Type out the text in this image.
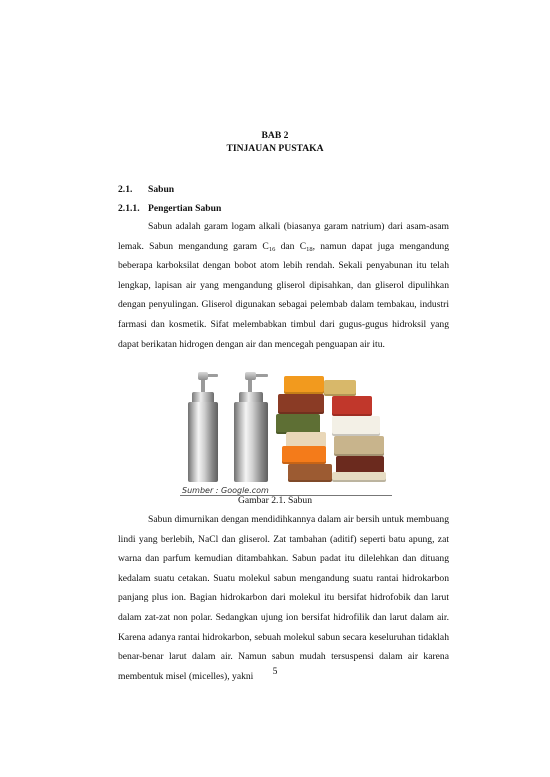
BAB 2
TINJAUAN PUSTAKA
2.1. Sabun
2.1.1. Pengertian Sabun

Sabun adalah garam logam alkali (biasanya garam natrium) dari asam-asam lemak. Sabun mengandung garam $C_{16}$ dan $C_{18}$, namun dapat juga mengandung beberapa karboksilat dengan bobot atom lebih rendah. Sekali penyabunan itu telah lengkap, lapisan air yang mengandung gliserol dipisahkan, dan gliserol dipulihkan dengan penyulingan. Gliserol digunakan sebagai pelembab dalam tembakau, industri farmasi dan kosmetik. Sifat melembabkan timbul dari gugus-gugus hidroksil yang dapat berikatan hidrogen dengan air dan mencegah penguapan air itu.

Sumber : Google.com
Gambar 2.1. Sabun

Sabun dimurnikan dengan mendidihkannya dalam air bersih untuk membuang lindi yang berlebih, NaCl dan gliserol. Zat tambahan (aditif) seperti batu apung, zat warna dan parfum kemudian ditambahkan. Sabun padat itu dilelehkan dan dituang kedalam suatu cetakan. Suatu molekul sabun mengandung suatu rantai hidrokarbon panjang plus ion. Bagian hidrokarbon dari molekul itu bersifat hidrofobik dan larut dalam zat-zat non polar. Sedangkan ujung ion bersifat hidrofilik dan larut dalam air. Karena adanya rantai hidrokarbon, sebuah molekul sabun secara keseluruhan tidaklah benar-benar larut dalam air. Namun sabun mudah tersuspensi dalam air karena membentuk misel (micelles), yakni	5
